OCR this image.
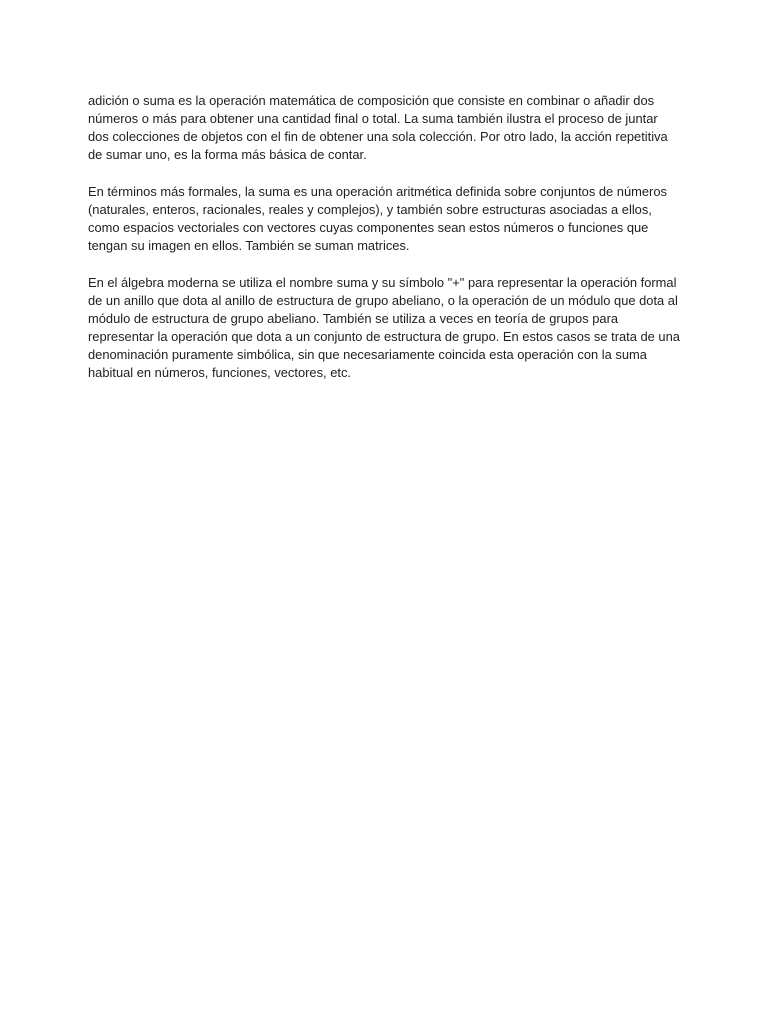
adición o suma es la operación matemática de composición que consiste en combinar o añadir dos números o más para obtener una cantidad final o total. La suma también ilustra el proceso de juntar dos colecciones de objetos con el fin de obtener una sola colección. Por otro lado, la acción repetitiva de sumar uno, es la forma más básica de contar.

En términos más formales, la suma es una operación aritmética definida sobre conjuntos de números (naturales, enteros, racionales, reales y complejos), y también sobre estructuras asociadas a ellos, como espacios vectoriales con vectores cuyas componentes sean estos números o funciones que tengan su imagen en ellos. También se suman matrices.

En el álgebra moderna se utiliza el nombre suma y su símbolo "+" para representar la operación formal de un anillo que dota al anillo de estructura de grupo abeliano, o la operación de un módulo que dota al módulo de estructura de grupo abeliano. También se utiliza a veces en teoría de grupos para representar la operación que dota a un conjunto de estructura de grupo. En estos casos se trata de una denominación puramente simbólica, sin que necesariamente coincida esta operación con la suma habitual en números, funciones, vectores, etc.
